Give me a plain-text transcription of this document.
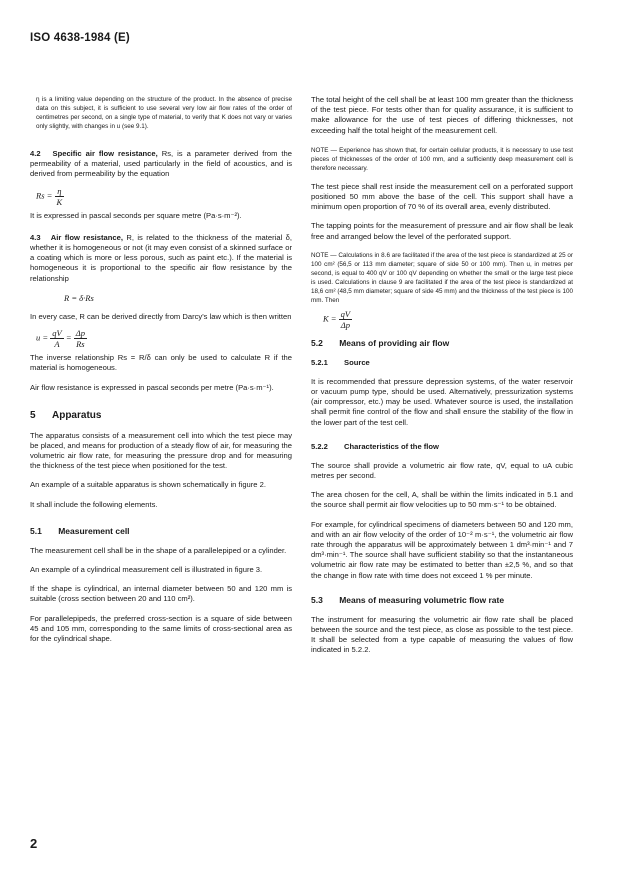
ISO 4638-1984 (E)

η is a limiting value depending on the structure of the product. In the absence of precise data on this subject, it is sufficient to use several very low air flow rates of the order of centimetres per second, on a single type of material, to verify that K does not vary or varies only slightly, with changes in u (see 9.1).

4.2 Specific air flow resistance, Rs, is a parameter derived from the permeability of a material, used particularly in the field of acoustics, and is derived from permeability by the equation

$Rs = \frac{\eta}{K}$

It is expressed in pascal seconds per square metre (Pa·s·m⁻²).

4.3 Air flow resistance, R, is related to the thickness of the material δ, whether it is homogeneous or not (it may even consist of a skinned surface or a coating which is more or less porous, such as paint etc.). If the material is homogeneous it is proportional to the specific air flow resistance by the relationship

R = δ·Rs

In every case, R can be derived directly from Darcy's law which is then written

$u = \frac{qV}{A} = \frac{\Delta p}{Rs}$

The inverse relationship Rs = R/δ can only be used to calculate R if the material is homogeneous.

Air flow resistance is expressed in pascal seconds per metre (Pa·s·m⁻¹).

5 Apparatus

The apparatus consists of a measurement cell into which the test piece may be placed, and means for production of a steady flow of air, for measuring the volumetric air flow rate, for measuring the pressure drop and for measuring the thickness of the test piece when positioned for the test.

An example of a suitable apparatus is shown schematically in figure 2.

It shall include the following elements.

5.1 Measurement cell

The measurement cell shall be in the shape of a parallelepiped or a cylinder.

An example of a cylindrical measurement cell is illustrated in figure 3.

If the shape is cylindrical, an internal diameter between 50 and 120 mm is suitable (cross section between 20 and 110 cm²).

For parallelepipeds, the preferred cross-section is a square of side between 45 and 105 mm, corresponding to the same limits of cross-sectional area as for the cylindrical shape.

The total height of the cell shall be at least 100 mm greater than the thickness of the test piece. For tests other than for quality assurance, it is sufficient to make allowance for the use of test pieces of differing thicknesses, not exceeding half the total height of the measurement cell.

NOTE — Experience has shown that, for certain cellular products, it is necessary to use test pieces of thicknesses of the order of 100 mm, and a sufficiently deep measurement cell is therefore necessary.

The test piece shall rest inside the measurement cell on a perforated support positioned 50 mm above the base of the cell. This support shall have a minimum open proportion of 70 % of its overall area, evenly distributed.

The tapping points for the measurement of pressure and air flow shall be leak free and arranged below the level of the perforated support.

NOTE — Calculations in 8.6 are facilitated if the area of the test piece is standardized at 25 or 100 cm² (56,5 or 113 mm diameter; square of side 50 or 100 mm). Then u, in metres per second, is equal to 400 qV or 100 qV depending on whether the small or the large test piece is used. Calculations in clause 9 are facilitated if the area of the test piece is standardized at 18,6 cm² (48,5 mm diameter; square of side 45 mm) and the thickness of the test piece is 100 mm. Then

$K = \frac{qV}{\Delta p}$
5.2 Means of providing air flow
5.2.1 Source

It is recommended that pressure depression systems, of the water reservoir or vacuum pump type, should be used. Alternatively, pressurization systems (air compressor, etc.) may be used. Whatever source is used, the installation shall permit fine control of the flow and shall ensure the stability of the flow in the lower part of the test cell.

5.2.2 Characteristics of the flow

The source shall provide a volumetric air flow rate, qV, equal to uA cubic metres per second.

The area chosen for the cell, A, shall be within the limits indicated in 5.1 and the source shall permit air flow velocities up to 50 mm·s⁻¹ to be obtained.

For example, for cylindrical specimens of diameters between 50 and 120 mm, and with an air flow velocity of the order of 10⁻² m·s⁻¹, the volumetric air flow rate through the apparatus will be approximately between 1 dm³·min⁻¹ and 7 dm³·min⁻¹. The source shall have sufficient stability so that the instantaneous volumetric air flow rate may be estimated to better than ±2,5 %, and so that the change in flow rate with time does not exceed 1 % per minute.

5.3 Means of measuring volumetric flow rate

The instrument for measuring the volumetric air flow rate shall be placed between the source and the test piece, as close as possible to the test piece. It shall be selected from a type capable of measuring the values of flow indicated in 5.2.2.

2
